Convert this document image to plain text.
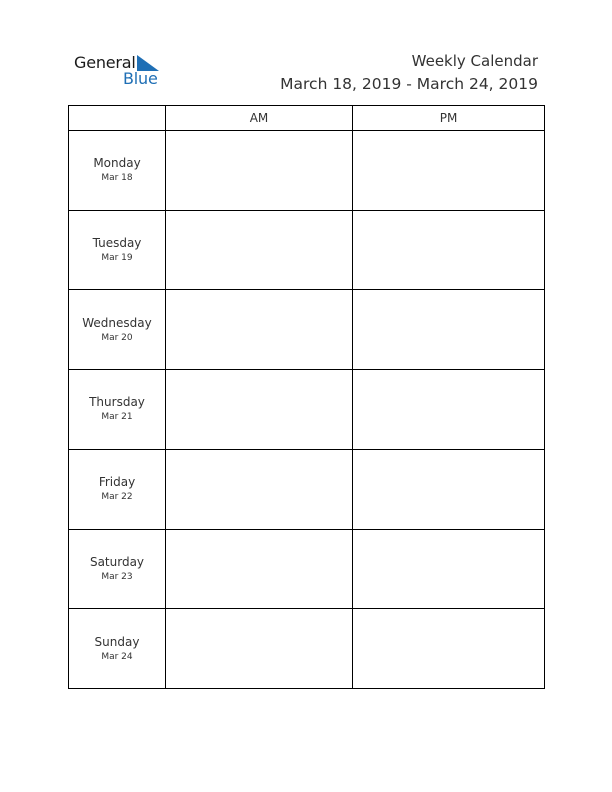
General
Blue
Weekly Calendar
March 18, 2019 - March 24, 2019
	AM	PM

Monday
Mar 18		

Tuesday
Mar 19		

Wednesday
Mar 20		

Thursday
Mar 21		

Friday
Mar 22		

Saturday
Mar 23		

Sunday
Mar 24		
